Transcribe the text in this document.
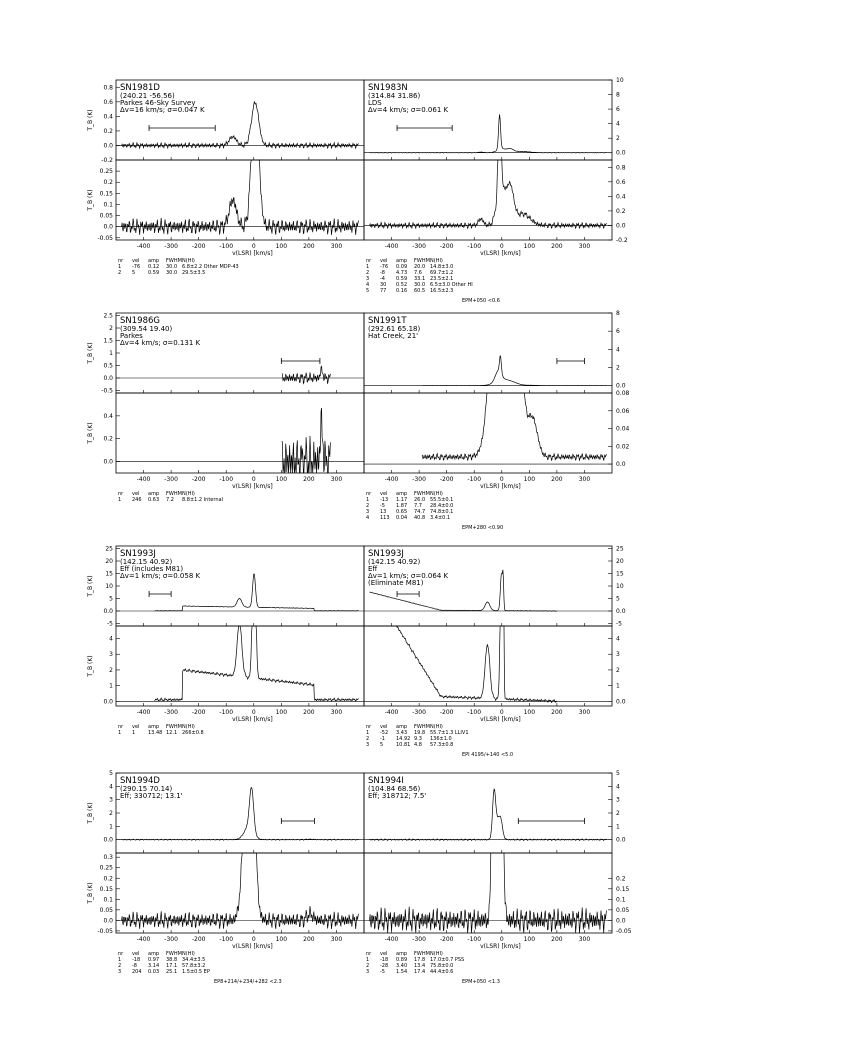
-0.2
0.0
0.2
0.4
0.6
0.8
-0.05
0.0
0.05
0.1
0.15
0.2
0.25
SN1981D
(240.21 -56.56)
Parkes 46-Sky Survey
Δv=16 km/s; σ=0.047 K
-400 -300 -200 -100	0	100	200	300
v(LSR) [km/s]
T_B (K)
T_B (K)
nr vel amp FWHM N(HI)
1 -76 0.12 30.0 6.8±2.2 Other MDP-43
2 5	0.59 30.0 29.5±3.5
0.0
2
4
6
8
10
-0.2
0.0
0.2
0.4
0.6
0.8
SN1983N
(314.84 31.86)
LDS
Δv=4 km/s; σ=0.061 K
-400 -300 -200 -100	0	100	200	300
v(LSR) [km/s]
nr vel amp FWHM N(HI)
1 -76 0.09 20.0 14.8±3.0
2 -8 4.73 7.6 69.7±1.2
3 -4 0.59 33.1 23.5±2.1
4 30 0.52 30.0 6.5±3.0 Other HI
5 77 0.16 60.5 16.5±2.3
EPM+050 <0.6
-0.5
0.0
0.5
1
1.5
2
2.5
0.0
0.2
0.4
SN1986G
(309.54 19.40)
Parkes
Δv=4 km/s; σ=0.131 K
-400 -300 -200 -100	0	100	200	300
v(LSR) [km/s]
T_B (K)
T_B (K)
nr vel amp FWHM N(HI)
1 246 0.63 7.2 8.8±1.2 Internal
0.0
2
4
6
8
0.0
0.02
0.04
0.06
0.08
SN1991T
(292.61 65.18)
Hat Creek, 21'
-400 -300 -200 -100	0	100	200	300
v(LSR) [km/s]
nr vel amp FWHM N(HI)
1 -13 1.17 26.0 55.5±0.1
2 -5 1.87 7.7 28.4±0.0
3 13 0.65 74.7 74.8±0.1
4 113 0.04 40.8 3.4±0.1
EPM+280 <0.90
-5
0.0
5
10
15
20
25
0.0
1
2
3
4
SN1993J
(142.15 40.92)
Eff (includes M81)
Δv=1 km/s; σ=0.058 K
-400 -300 -200 -100	0	100	200	300
v(LSR) [km/s]
T_B (K)
T_B (K)
nr vel amp FWHM N(HI)
1 1	13.48 12.1 266±0.8
-5
0.0
5
10
15
20
25
0.0
1
2
3
4
SN1993J
(142.15 40.92)
Eff
Δv=1 km/s; σ=0.064 K
(Eliminate M81)
-400 -300 -200 -100	0	100	200	300
v(LSR) [km/s]
nr vel amp FWHM N(HI)
1 -52 3.43 19.8 55.7±1.3 LLIV1
2 -1 14.92 9.3 136±1.0
3 5	10.81 4.8 57.3±0.8
EPI 4195/+140 <5.0
0.0
1
2
3
4
5
-0.05
0.0
0.05
0.1
0.15
0.2
0.25
0.3
SN1994D
(290.15 70.14)
Eff; 330712; 13.1'
-400 -300 -200 -100	0	100	200	300
v(LSR) [km/s]
T_B (K)
T_B (K)
nr vel amp FWHM N(HI)
1 -18 0.97 38.8 34.4±3.5
2 -8 3.14 17.1 57.8±3.2
3 204 0.03 25.1 1.5±0.5 EP
EP8+214/+234/+282 <2.3
0.0
1
2
3
4
5
-0.05
0.0
0.05
0.1
0.15
0.2
SN1994I
(104.84 68.56)
Eff; 318712; 7.5'
-400 -300 -200 -100	0	100	200	300
v(LSR) [km/s]
nr vel amp FWHM N(HI)
1 -18 0.89 17.8 17.0±0.7 PSS
2 -28 3.40 13.4 75.8±0.0
3 -5 1.54 17.4 44.4±0.6
EPM+050 <1.3
